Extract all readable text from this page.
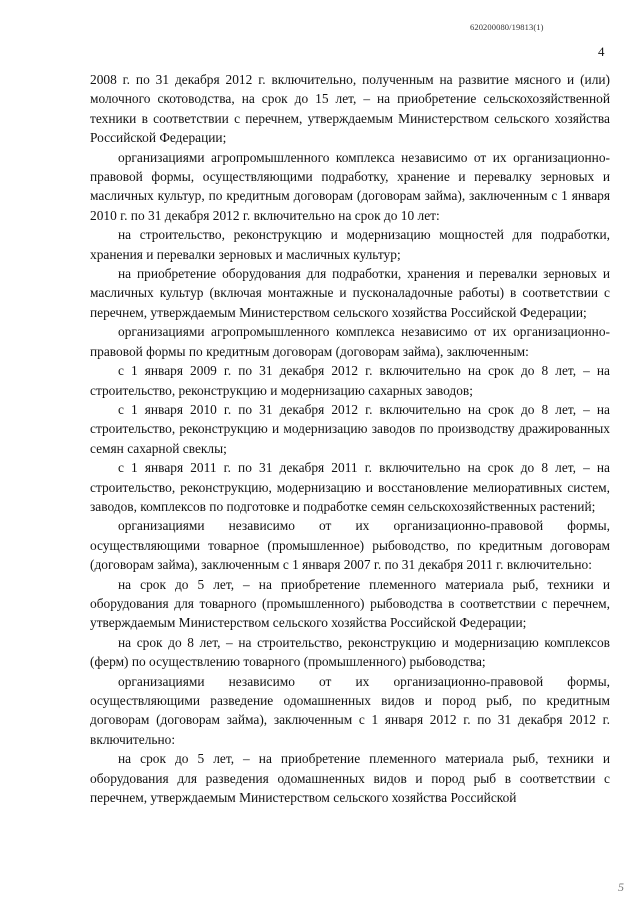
620200080/19813(1)
4

2008 г. по 31 декабря 2012 г. включительно, полученным на развитие мясного и (или) молочного скотоводства, на срок до 15 лет, – на приобретение сельскохозяйственной техники в соответствии с перечнем, утверждаемым Министерством сельского хозяйства Российской Федерации;

организациями агропромышленного комплекса независимо от их организационно-правовой формы, осуществляющими подработку, хранение и перевалку зерновых и масличных культур, по кредитным договорам (договорам займа), заключенным с 1 января 2010 г. по 31 декабря 2012 г. включительно на срок до 10 лет:

на строительство, реконструкцию и модернизацию мощностей для подработки, хранения и перевалки зерновых и масличных культур;

на приобретение оборудования для подработки, хранения и перевалки зерновых и масличных культур (включая монтажные и пусконаладочные работы) в соответствии с перечнем, утверждаемым Министерством сельского хозяйства Российской Федерации;

организациями агропромышленного комплекса независимо от их организационно-правовой формы по кредитным договорам (договорам займа), заключенным:

с 1 января 2009 г. по 31 декабря 2012 г. включительно на срок до 8 лет, – на строительство, реконструкцию и модернизацию сахарных заводов;

с 1 января 2010 г. по 31 декабря 2012 г. включительно на срок до 8 лет, – на строительство, реконструкцию и модернизацию заводов по производству дражированных семян сахарной свеклы;

с 1 января 2011 г. по 31 декабря 2011 г. включительно на срок до 8 лет, – на строительство, реконструкцию, модернизацию и восстановление мелиоративных систем, заводов, комплексов по подготовке и подработке семян сельскохозяйственных растений;

организациями независимо от их организационно-правовой формы, осуществляющими товарное (промышленное) рыбоводство, по кредитным договорам (договорам займа), заключенным с 1 января 2007 г. по 31 декабря 2011 г. включительно:

на срок до 5 лет, – на приобретение племенного материала рыб, техники и оборудования для товарного (промышленного) рыбоводства в соответствии с перечнем, утверждаемым Министерством сельского хозяйства Российской Федерации;

на срок до 8 лет, – на строительство, реконструкцию и модернизацию комплексов (ферм) по осуществлению товарного (промышленного) рыбоводства;

организациями независимо от их организационно-правовой формы, осуществляющими разведение одомашненных видов и пород рыб, по кредитным договорам (договорам займа), заключенным с 1 января 2012 г. по 31 декабря 2012 г. включительно:

на срок до 5 лет, – на приобретение племенного материала рыб, техники и оборудования для разведения одомашненных видов и пород рыб в соответствии с перечнем, утверждаемым Министерством сельского хозяйства Российской

5
